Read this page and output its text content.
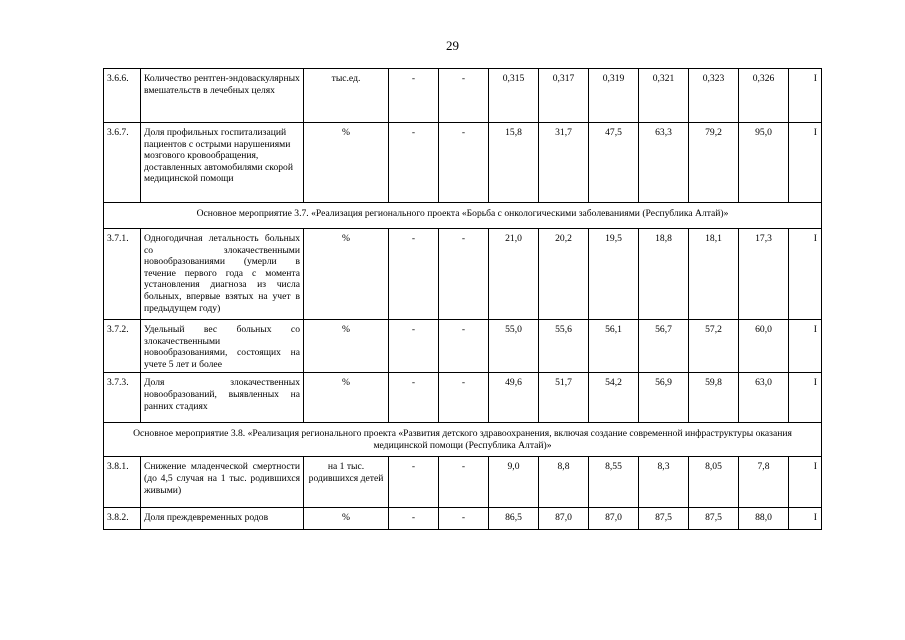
29
3.6.6.	Количество рентген-эндоваскулярных вмешательств в лечебных целях	тыс.ед.	-	-	0,315	0,317	0,319	0,321	0,323	0,326	I
3.6.7.	Доля профильных госпитализаций пациентов с острыми нарушениями мозгового кровообращения, доставленных автомобилями скорой медицинской помощи	%	-	-	15,8	31,7	47,5	63,3	79,2	95,0	I
Основное мероприятие 3.7. «Реализация регионального проекта «Борьба с онкологическими заболеваниями (Республика Алтай)»											
3.7.1.	Одногодичная летальность больных со злокачественными новообразованиями (умерли в течение первого года с момента установления диагноза из числа больных, впервые взятых на учет в предыдущем году)	%	-	-	21,0	20,2	19,5	18,8	18,1	17,3	I
3.7.2.	Удельный вес больных со злокачественными новообразованиями, состоящих на учете 5 лет и более	%	-	-	55,0	55,6	56,1	56,7	57,2	60,0	I
3.7.3.	Доля злокачественных новообразований, выявленных на ранних стадиях	%	-	-	49,6	51,7	54,2	56,9	59,8	63,0	I
Основное мероприятие 3.8. «Реализация регионального проекта «Развития детского здравоохранения, включая создание современной инфраструктуры оказания медицинской помощи (Республика Алтай)»											
3.8.1.	Снижение младенческой смертности (до 4,5 случая на 1 тыс. родившихся живыми)	на 1 тыс. родившихся детей	-	-	9,0	8,8	8,55	8,3	8,05	7,8	I
3.8.2.	Доля преждевременных родов	%	-	-	86,5	87,0	87,0	87,5	87,5	88,0	I
